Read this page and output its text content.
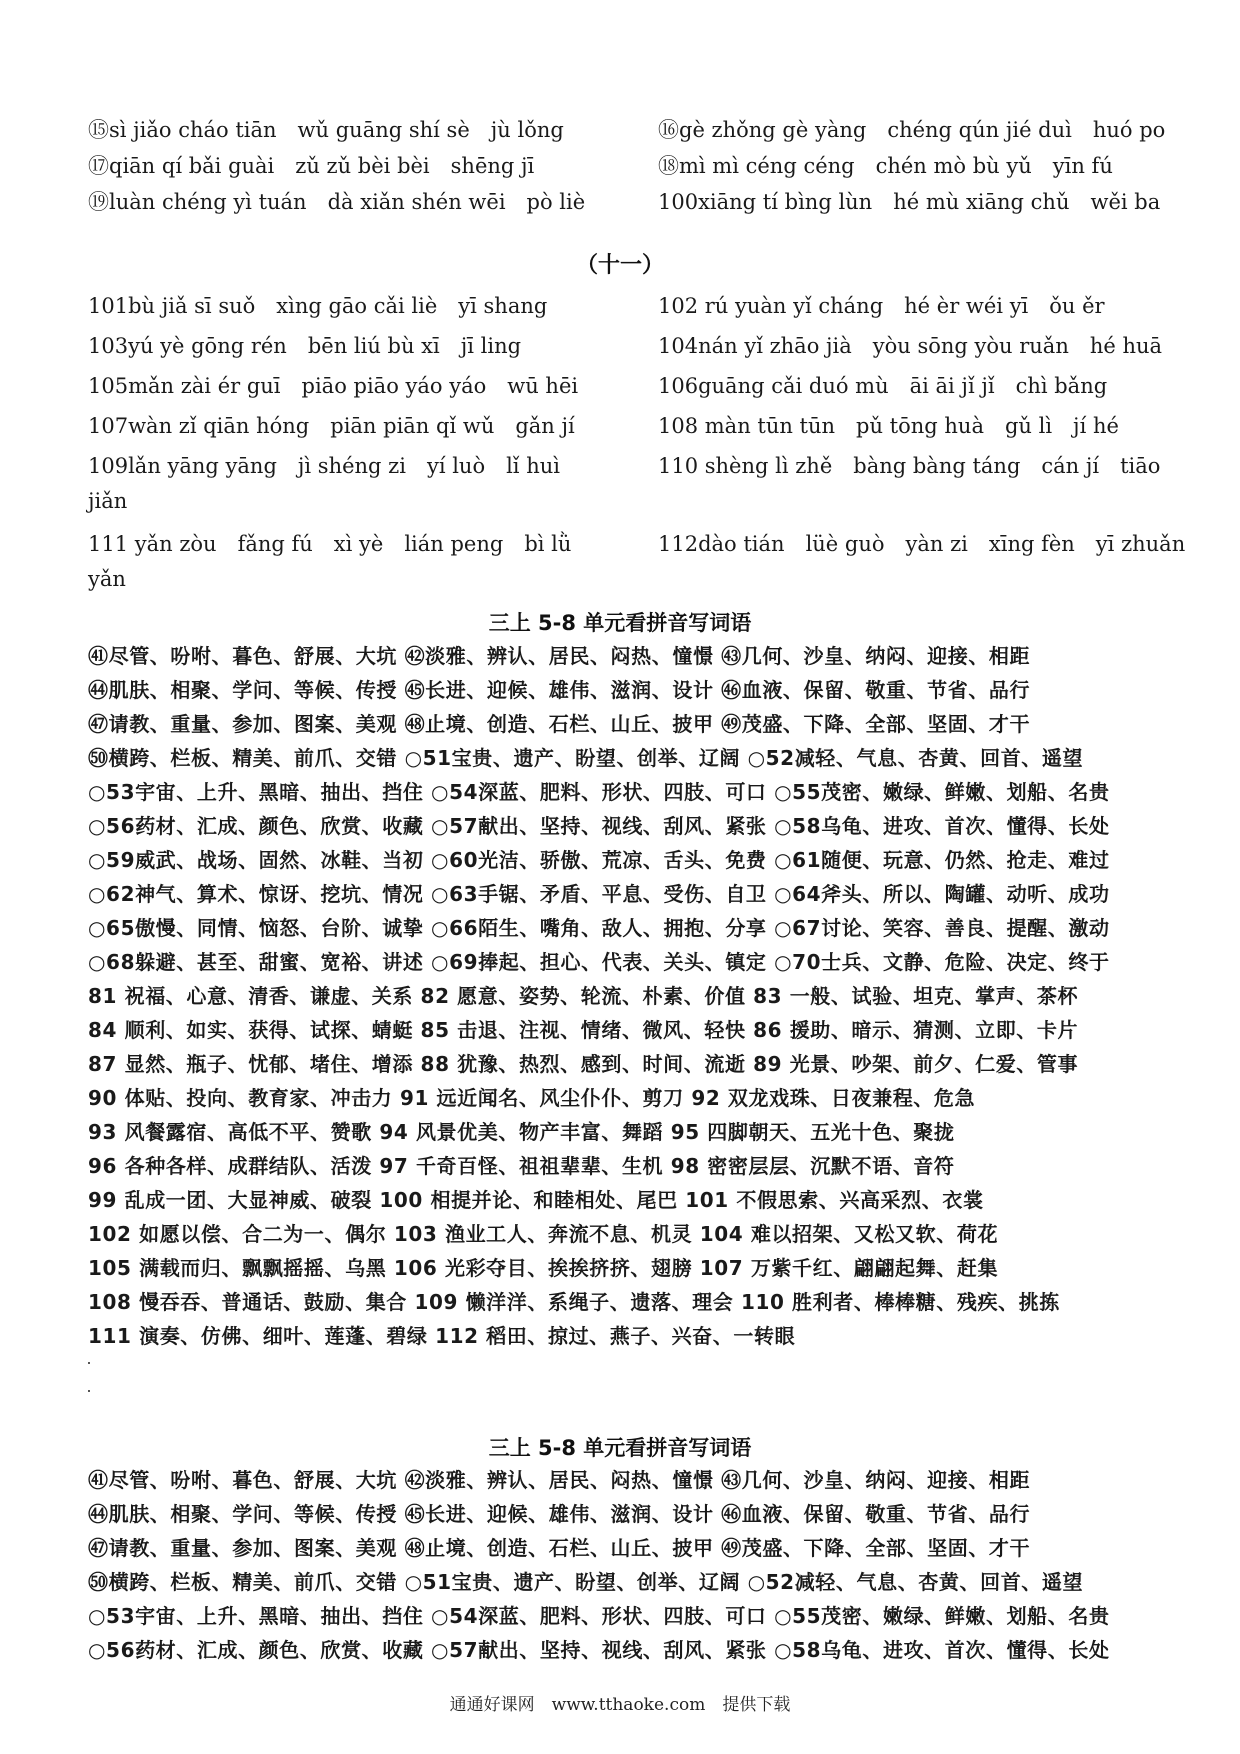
⑮sì jiǎo cháo tiān　wǔ guāng shí sè　jù lǒng	⑯gè zhǒng gè yàng　chéng qún jié duì　huó po
⑰qiān qí bǎi guài　zǔ zǔ bèi bèi　shēng jī	⑱mì mì céng céng　chén mò bù yǔ　yīn fú
⑲luàn chéng yì tuán　dà xiǎn shén wēi　pò liè	100xiāng tí bìng lùn　hé mù xiāng chǔ　wěi ba
（十一）
101bù jiǎ sī suǒ　xìng gāo cǎi liè　yī shang	102 rú yuàn yǐ cháng　hé èr wéi yī　ǒu ěr
103yú yè gōng rén　bēn liú bù xī　jī ling	104nán yǐ zhāo jià　yòu sōng yòu ruǎn　hé huā
105mǎn zài ér guī　piāo piāo yáo yáo　wū hēi	106guāng cǎi duó mù　āi āi jǐ jǐ　chì bǎng
107wàn zǐ qiān hóng　piān piān qǐ wǔ　gǎn jí	108 màn tūn tūn　pǔ tōng huà　gǔ lì　jí hé
109lǎn yāng yāng　jì shéng zi　yí luò　lǐ huì	110 shèng lì zhě　bàng bàng táng　cán jí　tiāo
jiǎn
111 yǎn zòu　fǎng fú　xì yè　lián peng　bì lǜ	112dào tián　lüè guò　yàn zi　xīng fèn　yī zhuǎn
yǎn
三上 5-8 单元看拼音写词语
㊶尽管、吩咐、暮色、舒展、大坑 ㊷淡雅、辨认、居民、闷热、憧憬 ㊸几何、沙皇、纳闷、迎接、相距
㊹肌肤、相聚、学问、等候、传授 ㊺长进、迎候、雄伟、滋润、设计 ㊻血液、保留、敬重、节省、品行
㊼请教、重量、参加、图案、美观 ㊽止境、创造、石栏、山丘、披甲 ㊾茂盛、下降、全部、坚固、才干
㊿横跨、栏板、精美、前爪、交错 ○51宝贵、遗产、盼望、创举、辽阔 ○52减轻、气息、杏黄、回首、遥望
○53宇宙、上升、黑暗、抽出、挡住 ○54深蓝、肥料、形状、四肢、可口 ○55茂密、嫩绿、鲜嫩、划船、名贵
○56药材、汇成、颜色、欣赏、收藏 ○57献出、坚持、视线、刮风、紧张 ○58乌龟、进攻、首次、懂得、长处
○59威武、战场、固然、冰鞋、当初 ○60光洁、骄傲、荒凉、舌头、免费 ○61随便、玩意、仍然、抢走、难过
○62神气、算术、惊讶、挖坑、情况 ○63手锯、矛盾、平息、受伤、自卫 ○64斧头、所以、陶罐、动听、成功
○65傲慢、同情、恼怒、台阶、诚挚 ○66陌生、嘴角、敌人、拥抱、分享 ○67讨论、笑容、善良、提醒、激动
○68躲避、甚至、甜蜜、宽裕、讲述 ○69捧起、担心、代表、关头、镇定 ○70士兵、文静、危险、决定、终于
81 祝福、心意、清香、谦虚、关系 82 愿意、姿势、轮流、朴素、价值 83 一般、试验、坦克、掌声、茶杯
84 顺利、如实、获得、试探、蜻蜓 85 击退、注视、情绪、微风、轻快 86 援助、暗示、猜测、立即、卡片
87 显然、瓶子、忧郁、堵住、增添 88 犹豫、热烈、感到、时间、流逝 89 光景、吵架、前夕、仁爱、管事
90 体贴、投向、教育家、冲击力 91 远近闻名、风尘仆仆、剪刀 92 双龙戏珠、日夜兼程、危急
93 风餐露宿、高低不平、赞歌 94 风景优美、物产丰富、舞蹈 95 四脚朝天、五光十色、聚拢
96 各种各样、成群结队、活泼 97 千奇百怪、祖祖辈辈、生机 98 密密层层、沉默不语、音符
99 乱成一团、大显神威、破裂 100 相提并论、和睦相处、尾巴 101 不假思索、兴高采烈、衣裳
102 如愿以偿、合二为一、偶尔 103 渔业工人、奔流不息、机灵 104 难以招架、又松又软、荷花
105 满载而归、飘飘摇摇、乌黑 106 光彩夺目、挨挨挤挤、翅膀 107 万紫千红、翩翩起舞、赶集
108 慢吞吞、普通话、鼓励、集合 109 懒洋洋、系绳子、遗落、理会 110 胜利者、棒棒糖、残疾、挑拣
111 演奏、仿佛、细叶、莲蓬、碧绿 112 稻田、掠过、燕子、兴奋、一转眼
三上 5-8 单元看拼音写词语
㊶尽管、吩咐、暮色、舒展、大坑 ㊷淡雅、辨认、居民、闷热、憧憬 ㊸几何、沙皇、纳闷、迎接、相距
㊹肌肤、相聚、学问、等候、传授 ㊺长进、迎候、雄伟、滋润、设计 ㊻血液、保留、敬重、节省、品行
㊼请教、重量、参加、图案、美观 ㊽止境、创造、石栏、山丘、披甲 ㊾茂盛、下降、全部、坚固、才干
㊿横跨、栏板、精美、前爪、交错 ○51宝贵、遗产、盼望、创举、辽阔 ○52减轻、气息、杏黄、回首、遥望
○53宇宙、上升、黑暗、抽出、挡住 ○54深蓝、肥料、形状、四肢、可口 ○55茂密、嫩绿、鲜嫩、划船、名贵
○56药材、汇成、颜色、欣赏、收藏 ○57献出、坚持、视线、刮风、紧张 ○58乌龟、进攻、首次、懂得、长处
通通好课网　www.tthaoke.com　提供下载
